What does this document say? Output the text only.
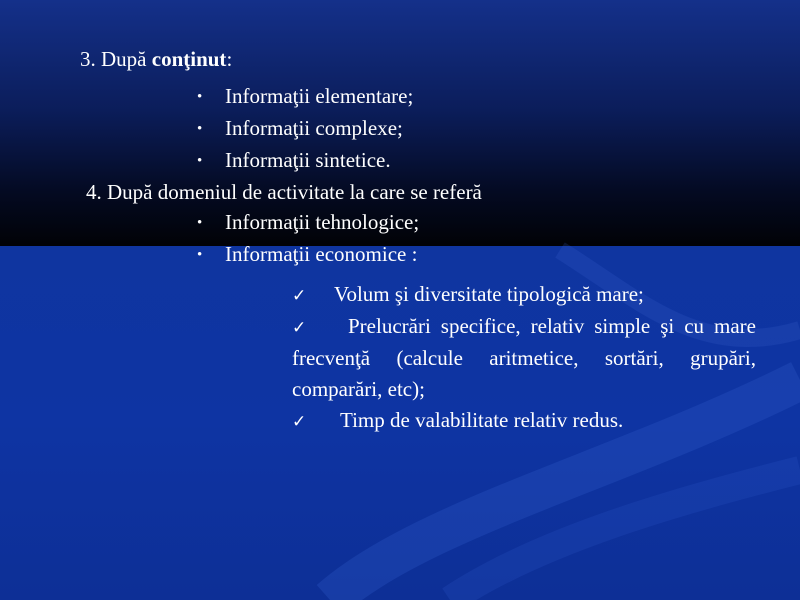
3. După conţinut:

• Informaţii elementare;
• Informaţii complexe;
• Informaţii sintetice.

4. După domeniul de activitate la care se referă

• Informaţii tehnologice;
• Informaţii economice :
✓ Volum şi diversitate tipologică mare;
✓ Prelucrări specifice, relativ simple şi cu mare frecvenţă (calcule aritmetice, sortări, grupări, comparări, etc);
✓ Timp de valabilitate relativ redus.
